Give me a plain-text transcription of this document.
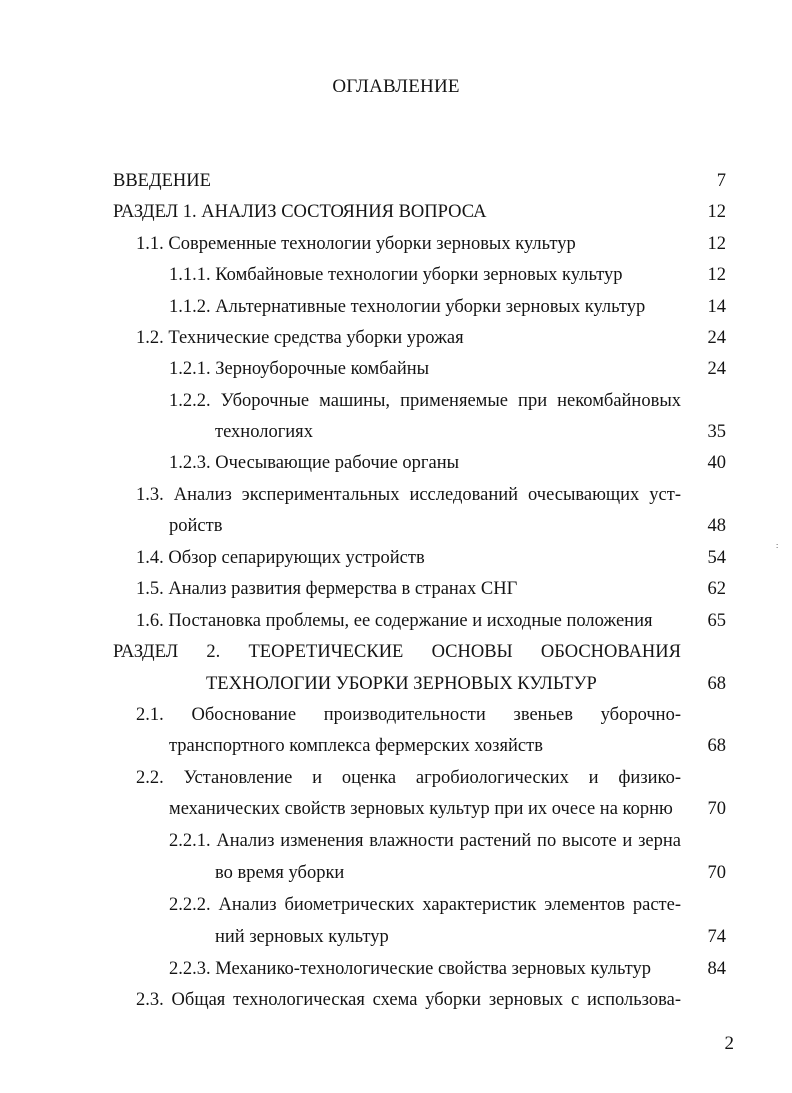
ОГЛАВЛЕНИЕ
ВВЕДЕНИЕ	7
РАЗДЕЛ 1. АНАЛИЗ СОСТОЯНИЯ ВОПРОСА	12
1.1. Современные технологии уборки зерновых культур	12
1.1.1. Комбайновые технологии уборки зерновых культур	12
1.1.2. Альтернативные технологии уборки зерновых культур	14
1.2. Технические средства уборки урожая	24
1.2.1. Зерноуборочные комбайны	24
1.2.2. Уборочные машины, применяемые при некомбайновых
технологиях	35
1.2.3. Очесывающие рабочие органы	40
1.3. Анализ экспериментальных исследований очесывающих уст-
ройств	48
1.4. Обзор сепарирующих устройств	54
1.5. Анализ развития фермерства в странах СНГ	62
1.6. Постановка проблемы, ее содержание и исходные положения	65
РАЗДЕЛ 2. ТЕОРЕТИЧЕСКИЕ ОСНОВЫ ОБОСНОВАНИЯ
ТЕХНОЛОГИИ УБОРКИ ЗЕРНОВЫХ КУЛЬТУР	68
2.1. Обоснование производительности звеньев уборочно-
транспортного комплекса фермерских хозяйств	68
2.2. Установление и оценка агробиологических и физико-
механических свойств зерновых культур при их очесе на корню	70
2.2.1. Анализ изменения влажности растений по высоте и зерна
во время уборки	70
2.2.2. Анализ биометрических характеристик элементов расте-
ний зерновых культур	74
2.2.3. Механико-технологические свойства зерновых культур	84
2.3. Общая технологическая схема уборки зерновых с использова-
:
2
